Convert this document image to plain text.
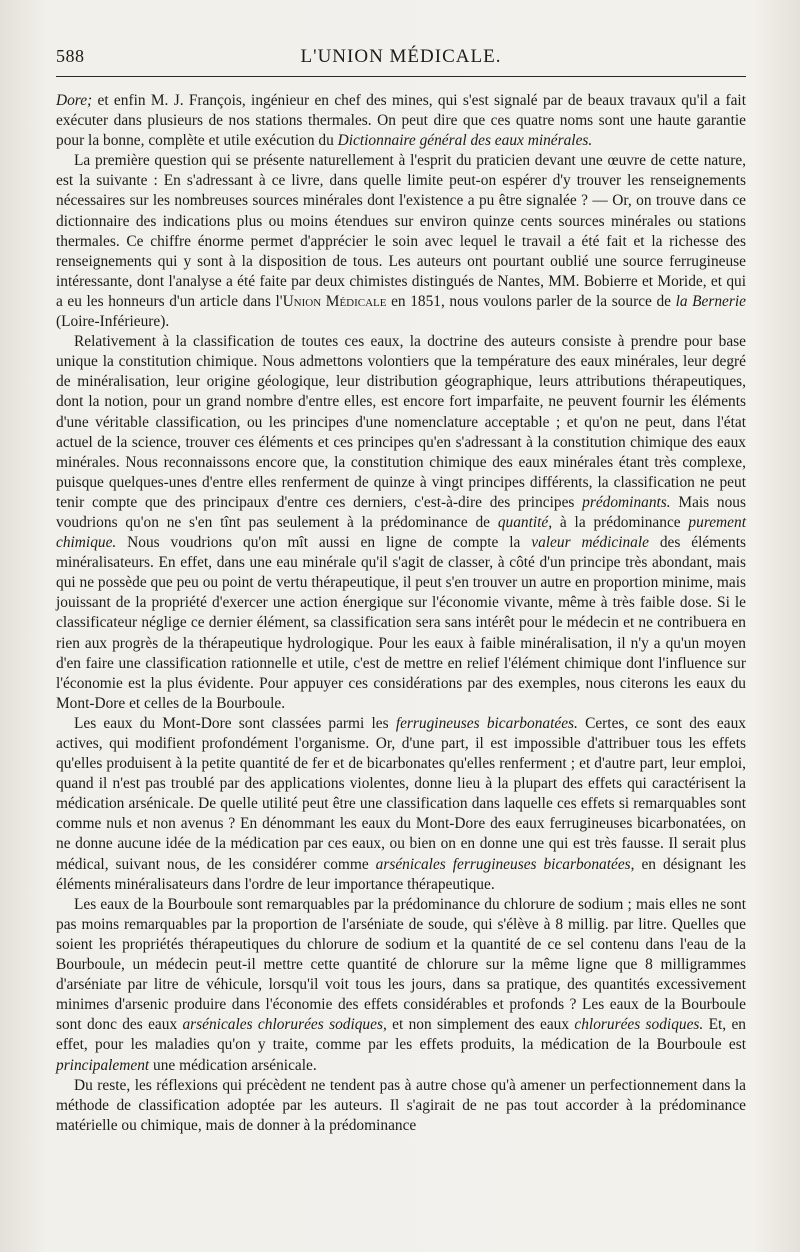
588	L'UNION MÉDICALE.

Dore; et enfin M. J. François, ingénieur en chef des mines, qui s'est signalé par de beaux travaux qu'il a fait exécuter dans plusieurs de nos stations thermales. On peut dire que ces quatre noms sont une haute garantie pour la bonne, complète et utile exécution du Dictionnaire général des eaux minérales.

La première question qui se présente naturellement à l'esprit du praticien devant une œuvre de cette nature, est la suivante : En s'adressant à ce livre, dans quelle limite peut-on espérer d'y trouver les renseignements nécessaires sur les nombreuses sources minérales dont l'existence a pu être signalée ? — Or, on trouve dans ce dictionnaire des indications plus ou moins étendues sur environ quinze cents sources minérales ou stations thermales. Ce chiffre énorme permet d'apprécier le soin avec lequel le travail a été fait et la richesse des renseignements qui y sont à la disposition de tous. Les auteurs ont pourtant oublié une source ferrugineuse intéressante, dont l'analyse a été faite par deux chimistes distingués de Nantes, MM. Bobierre et Moride, et qui a eu les honneurs d'un article dans l'Union Médicale en 1851, nous voulons parler de la source de la Bernerie (Loire-Inférieure).

Relativement à la classification de toutes ces eaux, la doctrine des auteurs consiste à prendre pour base unique la constitution chimique. Nous admettons volontiers que la température des eaux minérales, leur degré de minéralisation, leur origine géologique, leur distribution géographique, leurs attributions thérapeutiques, dont la notion, pour un grand nombre d'entre elles, est encore fort imparfaite, ne peuvent fournir les éléments d'une véritable classification, ou les principes d'une nomenclature acceptable ; et qu'on ne peut, dans l'état actuel de la science, trouver ces éléments et ces principes qu'en s'adressant à la constitution chimique des eaux minérales. Nous reconnaissons encore que, la constitution chimique des eaux minérales étant très complexe, puisque quelques-unes d'entre elles renferment de quinze à vingt principes différents, la classification ne peut tenir compte que des principaux d'entre ces derniers, c'est-à-dire des principes prédominants. Mais nous voudrions qu'on ne s'en tînt pas seulement à la prédominance de quantité, à la prédominance purement chimique. Nous voudrions qu'on mît aussi en ligne de compte la valeur médicinale des éléments minéralisateurs. En effet, dans une eau minérale qu'il s'agit de classer, à côté d'un principe très abondant, mais qui ne possède que peu ou point de vertu thérapeutique, il peut s'en trouver un autre en proportion minime, mais jouissant de la propriété d'exercer une action énergique sur l'économie vivante, même à très faible dose. Si le classificateur néglige ce dernier élément, sa classification sera sans intérêt pour le médecin et ne contribuera en rien aux progrès de la thérapeutique hydrologique. Pour les eaux à faible minéralisation, il n'y a qu'un moyen d'en faire une classification rationnelle et utile, c'est de mettre en relief l'élément chimique dont l'influence sur l'économie est la plus évidente. Pour appuyer ces considérations par des exemples, nous citerons les eaux du Mont-Dore et celles de la Bourboule.

Les eaux du Mont-Dore sont classées parmi les ferrugineuses bicarbonatées. Certes, ce sont des eaux actives, qui modifient profondément l'organisme. Or, d'une part, il est impossible d'attribuer tous les effets qu'elles produisent à la petite quantité de fer et de bicarbonates qu'elles renferment ; et d'autre part, leur emploi, quand il n'est pas troublé par des applications violentes, donne lieu à la plupart des effets qui caractérisent la médication arsénicale. De quelle utilité peut être une classification dans laquelle ces effets si remarquables sont comme nuls et non avenus ? En dénommant les eaux du Mont-Dore des eaux ferrugineuses bicarbonatées, on ne donne aucune idée de la médication par ces eaux, ou bien on en donne une qui est très fausse. Il serait plus médical, suivant nous, de les considérer comme arsénicales ferrugineuses bicarbonatées, en désignant les éléments minéralisateurs dans l'ordre de leur importance thérapeutique.

Les eaux de la Bourboule sont remarquables par la prédominance du chlorure de sodium ; mais elles ne sont pas moins remarquables par la proportion de l'arséniate de soude, qui s'élève à 8 millig. par litre. Quelles que soient les propriétés thérapeutiques du chlorure de sodium et la quantité de ce sel contenu dans l'eau de la Bourboule, un médecin peut-il mettre cette quantité de chlorure sur la même ligne que 8 milligrammes d'arséniate par litre de véhicule, lorsqu'il voit tous les jours, dans sa pratique, des quantités excessivement minimes d'arsenic produire dans l'économie des effets considérables et profonds ? Les eaux de la Bourboule sont donc des eaux arsénicales chlorurées sodiques, et non simplement des eaux chlorurées sodiques. Et, en effet, pour les maladies qu'on y traite, comme par les effets produits, la médication de la Bourboule est principalement une médication arsénicale.

Du reste, les réflexions qui précèdent ne tendent pas à autre chose qu'à amener un perfectionnement dans la méthode de classification adoptée par les auteurs. Il s'agirait de ne pas tout accorder à la prédominance matérielle ou chimique, mais de donner à la prédominance
